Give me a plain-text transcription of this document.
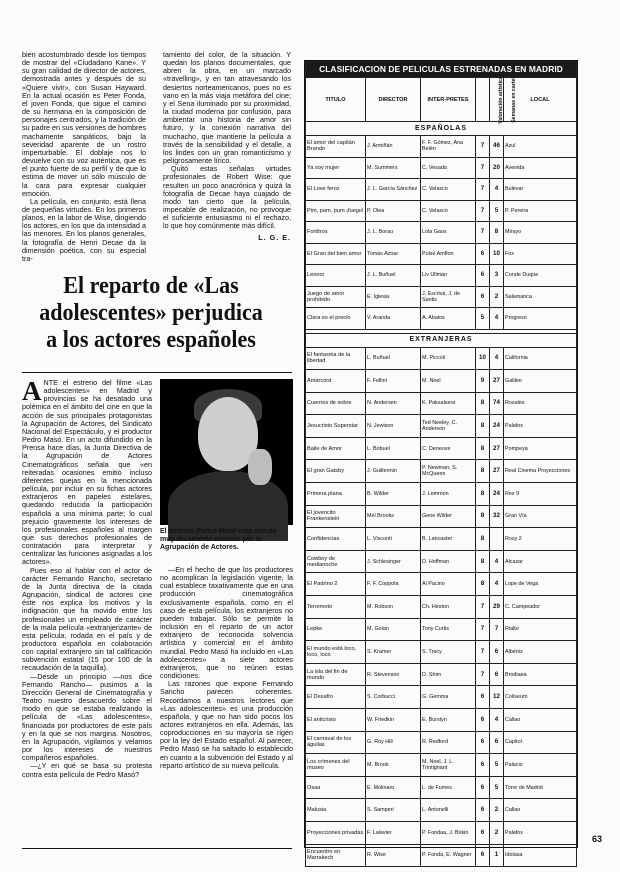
bien acostumbrado desde los tiempos de mostrar del «Ciudadano Kane». Y su gran calidad de director de actores, demostrada antes y después de su «Quiere vivir», con Susan Hayward. En la actual ocasión es Peter Fonda, el joven Fonda, que sigue el camino de su hermana en la composición de personajes centrados, y la tradición de su padre en sus versiones de hombres machamente sanpáticos, bajo la severidad aparente de un rostro imperturbable. El doblaje nos lo devuelve con su voz auténtica, que es el punto fuerte de su perfil y de que lo estima de mover un sólo músculo de la cara para expresar cualquier emoción.

La película, en conjunto, está llena de pequeñas virtudes. En los primeros planos, en la labor de Wise, dirigiendo los actores, en los que da intensidad a las menores. En los planos generales, la fotografía de Henri Decae da la dimensión poética, con su especial tra-

tamiento del color, de la situación. Y quedan los planos documentales, que abren la obra, en un marcado «travelling», y en tan atravesando los desiertos norteamericanos, pues no es vano en la más viaja metáfora del cine; y el Sena iluminado por su proximidad, la ciudad moderna por confusión, para ambientar una historia de amor sin futuro, y la conexión narrativa del muchacho, que mantiene la película a través de la sensibilidad y el detalle, a los lindes con un gran romanticismo y peligrosamente lírico.

Quitó estas señalas virtudes profesionales de Robert Wise: que resulten un poco anacrónica y quizá la fotografía de Decae haya cuajado de modo tan cierto que la película, impecable de realización, no provoque el suficiente entusiasmo ni el rechazo, lo que hoy comúnmente más difícil.

L. G. E.
El reparto de «Las adolescentes» perjudica a los actores españoles
A NTE el estreno del filme «Las adolescentes» en Madrid y provincias se ha desatado una polémica en el ámbito del cine en que la acción de sus principales protagonistas la Agrupación de Actores, del Sindicato Nacional del Espectáculo, y el productor Pedro Masó. En un acto difundido en la Prensa hace días, la Junta Directiva de la Agrupación de Actores Cinematográficos señala que «en reiteradas ocasiones emitió incluso diferentes quejas en la mencionada película, por incluir en su fichas actores extranjeros en papeles estelares, quedando reducida la participación española a una mínima parte; lo cual prejuicio gravemente los intereses de los profesionales españoles al margen que sus derechos profesionales de contratación para interpretar y centralizar las funciones asignadas a los actores».

Pues eso al hablar con el actor de carácter Fernando Rancho, secretario de la Junta directiva de la citada Agrupación, sindical de actores cine éste nos explica los motivos y la indignación que ha movido entre los profesionales un empleado de carácter de la mala película «extranjerizante» de esta película, rodada en el país y de productora española en colaboración con capital extranjero sin tal calificación subvención estatal (15 por 100 de la recaudación de la taquilla).

—Desde un principio —nos dice Fernando Rancho— pusimos a la Dirección General de Cinematografía y Teatro nuestro desacuerdo sobre el modo en que se estaba realizando la película de «Las adolescentes», financiada por productores de este país y en la que se nos margina. Nosotros, en la Agrupación, vigilamos y velamos por los intereses de nuestros compañeros españoles.

—¿Y en qué se basa su protesta contra esta película de Pedro Masó?

El director Pedro Masó está siendo muy duramente atacado por la Agrupación de Actores.

—En el hecho de que los productores no acomplican la legislación vigente, la cual establece taxativamente que en una producción cinematográfica exclusivamente española, como en el caso de esta película, los extranjeros no pueden trabajar. Sólo se permite la inclusión en el reparto de un actor extranjero de reconocida solvencia artística y comercial en el ámbito mundial. Pedro Masó ha incluido en «Las adolescentes» a siete actores extranjeros, que no reúnen estas condiciones.

Las razones que expone Fernando Sancho parecen coherentes. Recordamos a nuestros lectores que «Las adolescentes» es una producción española, y que no han sido pocos los actores extranjeros en ella. Además, las coproducciones en su mayoría se rigen por la ley del Estado español. Al parecer, Pedro Masó se ha saltado lo establecido en cuanto a la subvención del Estado y al reparto artístico de su nueva película.

CLASIFICACION DE PELICULAS ESTRENADAS EN MADRID					
TITULO	DIRECTOR	INTER-PRETES	Valoración artística	Semanas en cartel	LOCAL
ESPAÑOLAS					
El amor del capitán Brando	J. Armiñán	F. F. Gómez, Ana Belén	7	46	Azul
Ya soy mujer	M. Summers	C. Vesada	7	20	Avenida
El Love feroz	J. L. García Sánchez	C. Velasco	7	4	Bulevar
Pim, pam, pum ¡fuego!	P. Olea	C. Velasco	7	5	P. Pereira
Fortitros	J. L. Borau	Lola Gaos	7	8	Mirayo
El Gran del bien amor	Tomás Aznar	Pulsé Amflon	6	10	Fox
Leonor	J. L. Buñuel	Liv Ullman	6	3	Conde Duque
Juego de amor prohibido	E. Iglesia	J. Escrivá, J. de Santis	6	2	Salamanca
Clara es el precio	V. Aranda	A. Abalos	5	4	Progreso

EXTRANJERAS					
El fantasma de la libertad	L. Buñuel	M. Piccoli	10	4	California
Amarcord	F. Fellini	M. Noel	9	27	Galileo
Cuernos de sobre	N. Andersen	K. Paksalsera	8	74	Rosales
Jesucristo Superstar	N. Jewison	Ted Neeley, C. Anderson	8	24	Palafox
Baile de Amor	L. Bobuel	C. Deneuve	8	27	Pompeya
El gran Gatsby	J. Guillermin	P. Newman, S. McQueen	8	27	Real Cinema Proyecciones
Primera plana	B. Wilder	J. Lemmon	8	24	Rex 9
El jovencito Frankenstein	Mel Brooks	Gene Wilder	8	32	Gran Vía
Confidencias	L. Visconti	B. Lancaster	8		Rosy 2
Cowboy de medianoche	J. Schlesinger	D. Hoffman	8	4	Alcazar
El Padrino 2	F. F. Coppola	Al Pacino	8	4	Lope de Vega
Terremoto	M. Robson	Ch. Heston	7	29	C. Campeador
Lepke	M. Golan	Tony Curtis	7	7	Rialto
El mundo está loco, loco, loco	S. Kramer	S. Tracy	7	6	Albéniz
La isla del fin de mundo	R. Stevenson	D. Shim	7	6	Brodiaea
El Desafío	S. Corbucci	G. Gemma	6	12	Coliseum
El anticristo	W. Friedkin	E. Burstyn	6	4	Callao
El carnaval de los águilas	G. Roy Hill	R. Redford	6	6	Capitol
Los crímenes del museo	M. Brook	M. Noel, J. L. Trintignant	6	5	Palacio
Osaa	E. Molinaro	L. de Fumes	6	5	Torre de Madrid
Maluxia	S. Samperi	L. Antonelli	6	2	Callao
Proyecciones privadas	F. Lalavier	P. Fondaa, J. Birkin	6	2	Palafox
Encuentro en Marrakech	R. Wise	P. Fonda, E. Wagner	6	1	Idolasa
63
